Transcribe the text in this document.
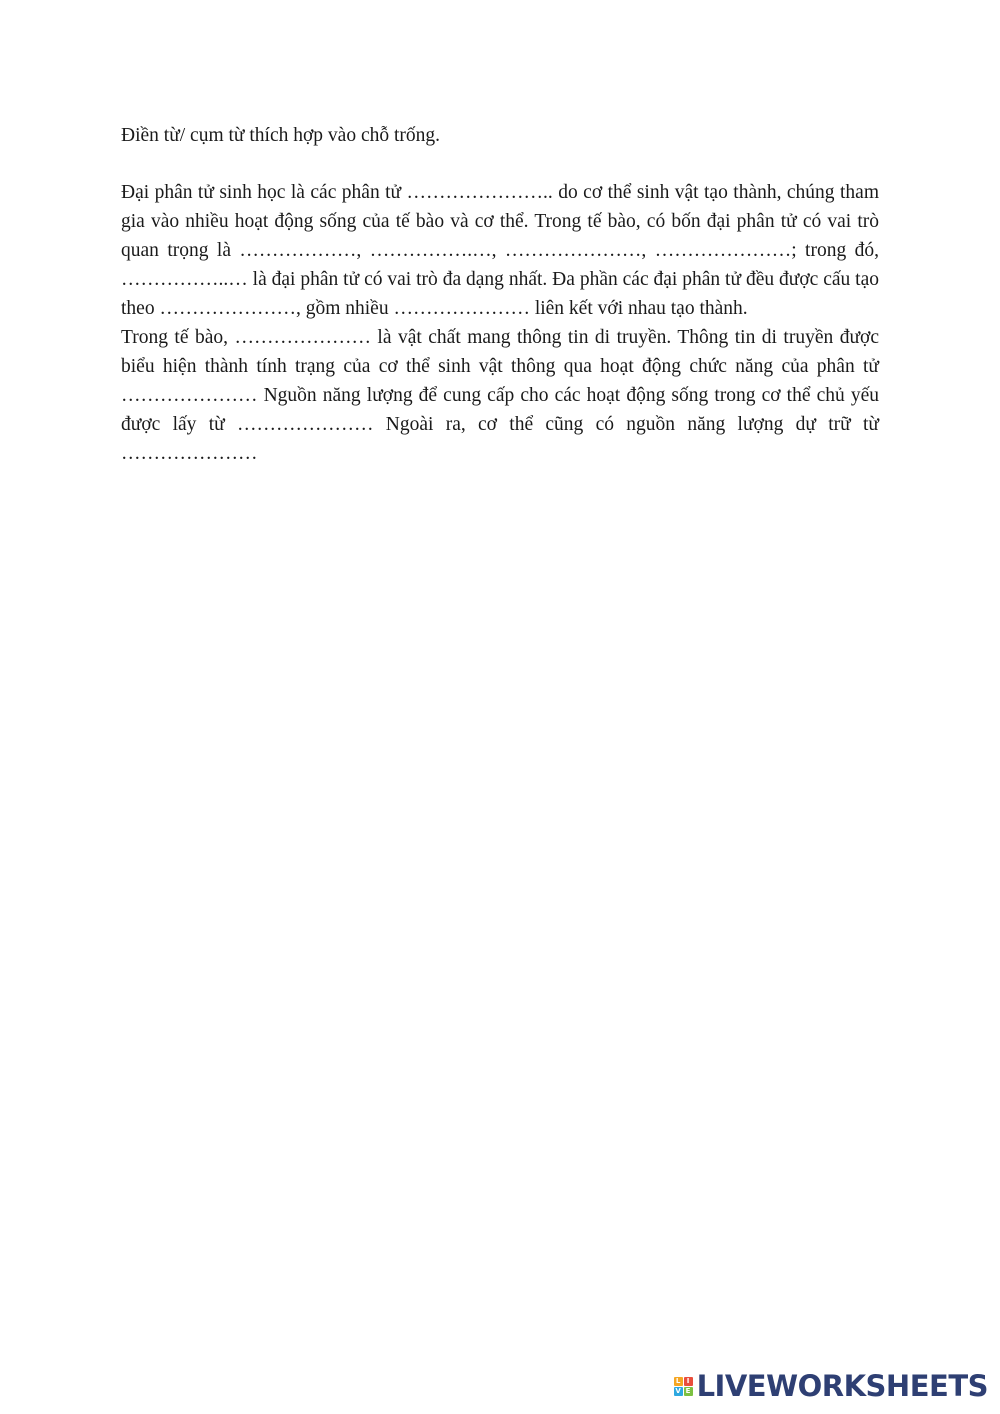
Điền từ/ cụm từ thích hợp vào chỗ trống.

Đại phân tử sinh học là các phân tử ………………….. do cơ thể sinh vật tạo thành, chúng tham gia vào nhiều hoạt động sống của tế bào và cơ thể. Trong tế bào, có bốn đại phân tử có vai trò quan trọng là ………………, …………….…, …………………, …………………; trong đó, ……………..… là đại phân tử có vai trò đa dạng nhất. Đa phần các đại phân tử đều được cấu tạo theo …………………, gồm nhiều ………………… liên kết với nhau tạo thành.

Trong tế bào, ………………… là vật chất mang thông tin di truyền. Thông tin di truyền được biểu hiện thành tính trạng của cơ thể sinh vật thông qua hoạt động chức năng của phân tử ………………… Nguồn năng lượng để cung cấp cho các hoạt động sống trong cơ thể chủ yếu được lấy từ ………………… Ngoài ra, cơ thể cũng có nguồn năng lượng dự trữ từ …………………

L I
V E LIVEWORKSHEETS
